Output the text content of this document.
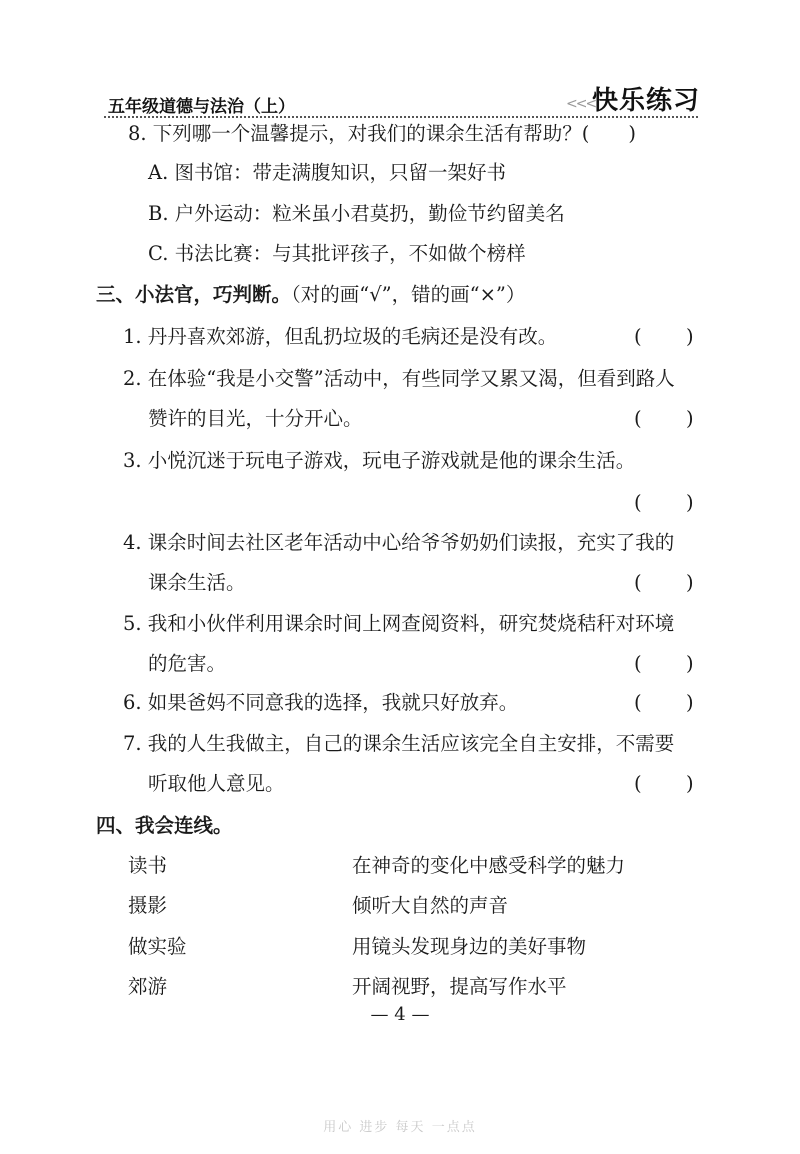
五年级道德与法治（上）	<<<
快乐练习
8. 下列哪一个温馨提示，对我们的课余生活有帮助？(　　)
A. 图书馆：带走满腹知识，只留一架好书
B. 户外运动：粒米虽小君莫扔，勤俭节约留美名
C. 书法比赛：与其批评孩子，不如做个榜样
三、小法官，巧判断。（对的画“√”，错的画“×”）
1. 丹丹喜欢郊游，但乱扔垃圾的毛病还是没有改。	( )
2. 在体验“我是小交警”活动中，有些同学又累又渴，但看到路人
赞许的目光，十分开心。	( )
3. 小悦沉迷于玩电子游戏，玩电子游戏就是他的课余生活。
( )
4. 课余时间去社区老年活动中心给爷爷奶奶们读报，充实了我的
课余生活。	( )
5. 我和小伙伴利用课余时间上网查阅资料，研究焚烧秸秆对环境
的危害。	( )
6. 如果爸妈不同意我的选择，我就只好放弃。	( )
7. 我的人生我做主，自己的课余生活应该完全自主安排，不需要
听取他人意见。	( )
四、我会连线。
读书	在神奇的变化中感受科学的魅力
摄影	倾听大自然的声音
做实验	用镜头发现身边的美好事物
郊游	开阔视野，提高写作水平
— 4 —
用心 进步 每天 一点点
